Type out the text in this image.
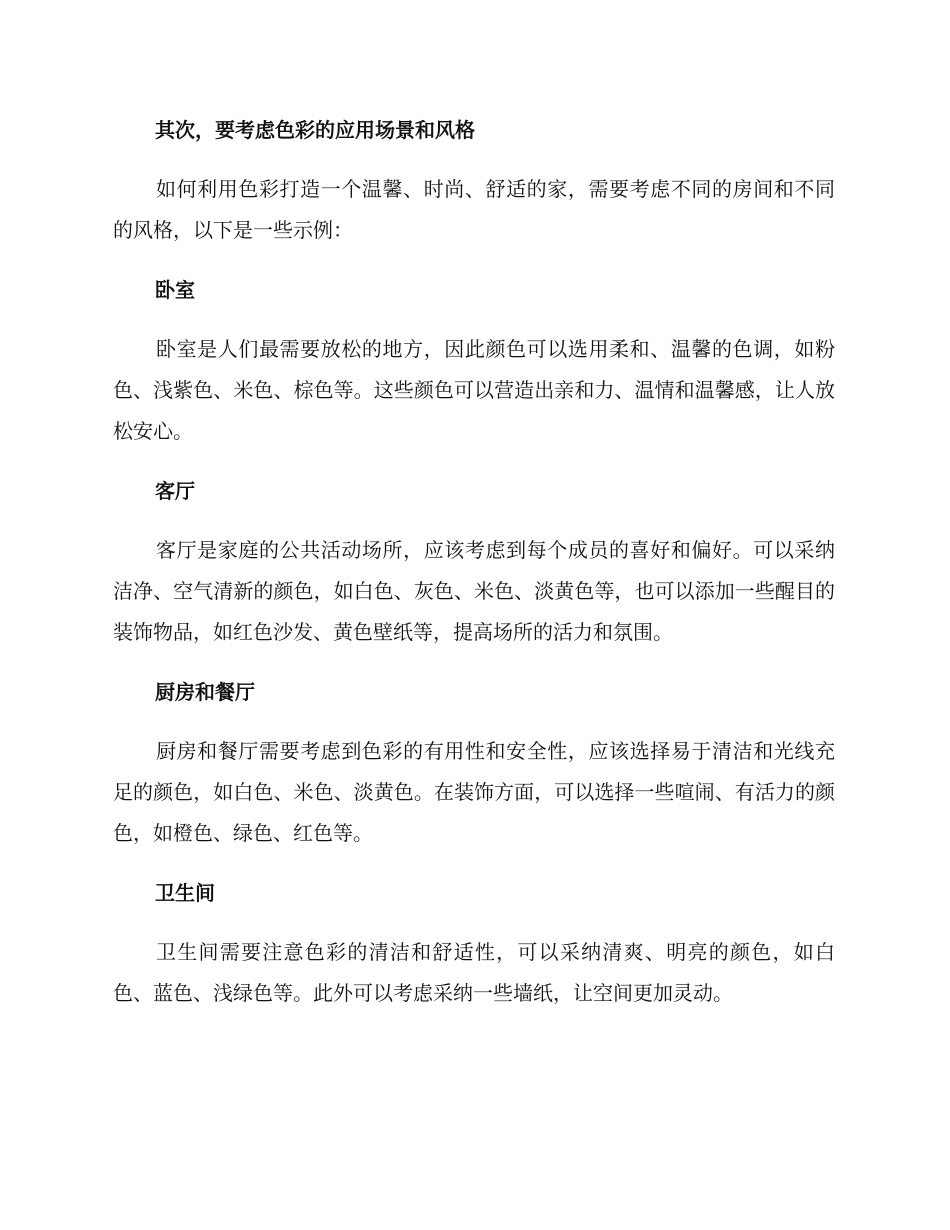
其次，要考虑色彩的应用场景和风格

如何利用色彩打造一个温馨、时尚、舒适的家，需要考虑不同的房间和不同的风格，以下是一些示例：

卧室

卧室是人们最需要放松的地方，因此颜色可以选用柔和、温馨的色调，如粉色、浅紫色、米色、棕色等。这些颜色可以营造出亲和力、温情和温馨感，让人放松安心。

客厅

客厅是家庭的公共活动场所，应该考虑到每个成员的喜好和偏好。可以采纳洁净、空气清新的颜色，如白色、灰色、米色、淡黄色等，也可以添加一些醒目的装饰物品，如红色沙发、黄色壁纸等，提高场所的活力和氛围。

厨房和餐厅

厨房和餐厅需要考虑到色彩的有用性和安全性，应该选择易于清洁和光线充足的颜色，如白色、米色、淡黄色。在装饰方面，可以选择一些喧闹、有活力的颜色，如橙色、绿色、红色等。

卫生间

卫生间需要注意色彩的清洁和舒适性，可以采纳清爽、明亮的颜色，如白色、蓝色、浅绿色等。此外可以考虑采纳一些墙纸，让空间更加灵动。
